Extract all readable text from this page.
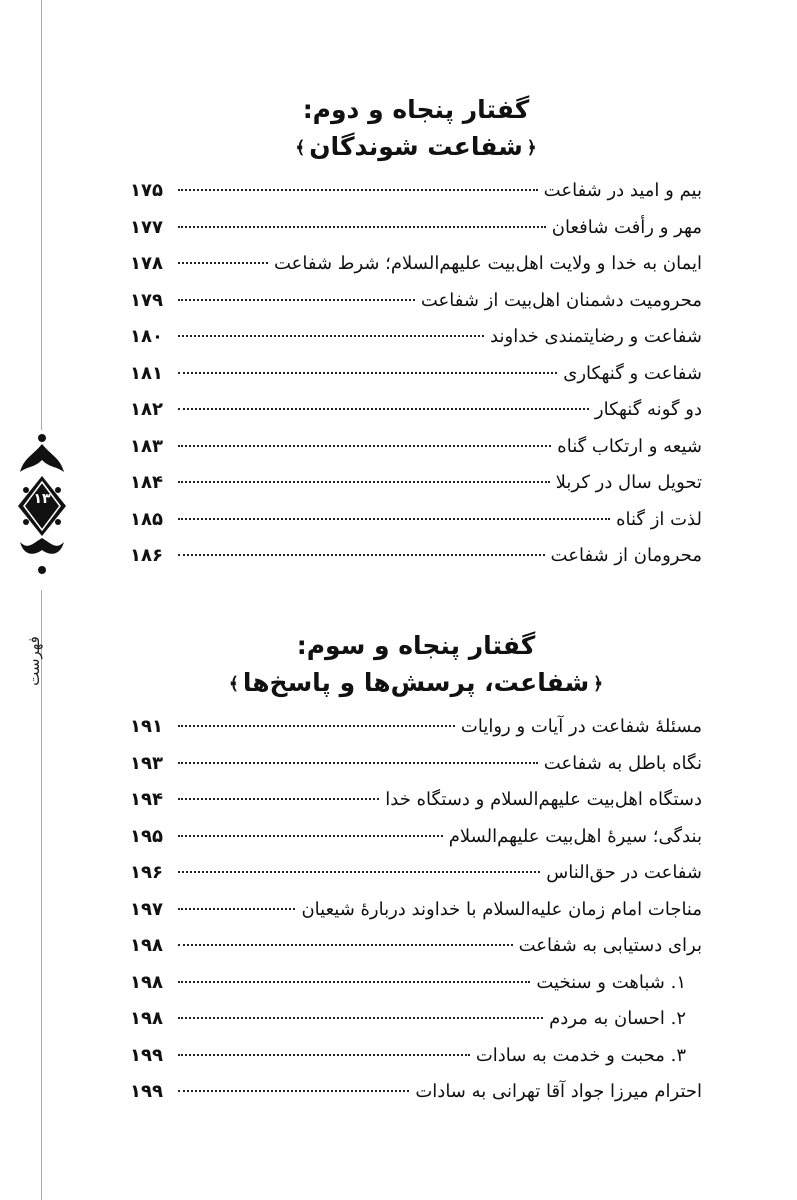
۱۳
فهرست
گفتار پنجاه و دوم:
﴿شفاعت شوندگان﴾
بیم و امید در شفاعت
۱۷۵
مهر و رأفت شافعان
۱۷۷
ایمان به خدا و ولایت اهل‌بیت علیهم‌السلام؛ شرط شفاعت
۱۷۸
محرومیت دشمنان اهل‌بیت از شفاعت
۱۷۹
شفاعت و رضایتمندی خداوند
۱۸۰
شفاعت و گنهکاری
۱۸۱
دو گونه گنهکار
۱۸۲
شیعه و ارتکاب گناه
۱۸۳
تحویل سال در کربلا
۱۸۴
لذت از گناه
۱۸۵
محرومان از شفاعت
۱۸۶
گفتار پنجاه و سوم:
﴿شفاعت، پرسش‌ها و پاسخ‌ها﴾
مسئلهٔ شفاعت در آیات و روایات
۱۹۱
نگاه باطل به شفاعت
۱۹۳
دستگاه اهل‌بیت علیهم‌السلام و دستگاه خدا
۱۹۴
بندگی؛ سیرهٔ اهل‌بیت علیهم‌السلام
۱۹۵
شفاعت در حق‌الناس
۱۹۶
مناجات امام زمان علیه‌السلام با خداوند دربارهٔ شیعیان
۱۹۷
برای دستیابی به شفاعت
۱۹۸
۱. شباهت و سنخیت
۱۹۸
۲. احسان به مردم
۱۹۸
۳. محبت و خدمت به سادات
۱۹۹
احترام میرزا جواد آقا تهرانی به سادات
۱۹۹
